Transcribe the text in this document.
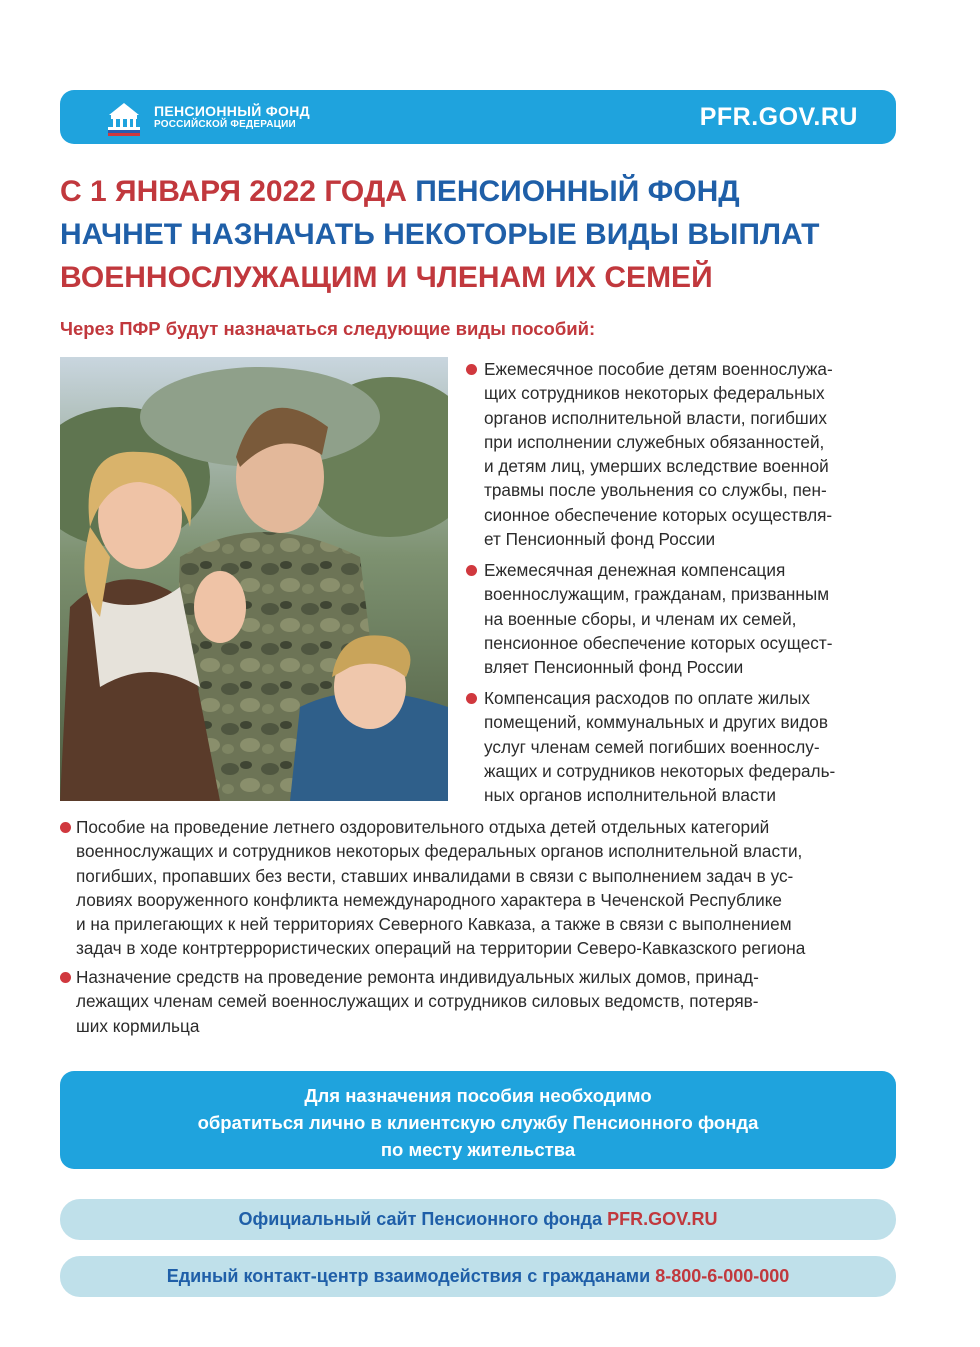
ПЕНСИОННЫЙ ФОНД
РОССИЙСКОЙ ФЕДЕРАЦИИ	PFR.GOV.RU
С 1 ЯНВАРЯ 2022 ГОДА ПЕНСИОННЫЙ ФОНД
НАЧНЕТ НАЗНАЧАТЬ НЕКОТОРЫЕ ВИДЫ ВЫПЛАТ
ВОЕННОСЛУЖАЩИМ И ЧЛЕНАМ ИХ СЕМЕЙ
Через ПФР будут назначаться следующие виды пособий:
Ежемесячное пособие детям военнослужа-
щих сотрудников некоторых федеральных
органов исполнительной власти, погибших
при исполнении служебных обязанностей,
и детям лиц, умерших вследствие военной
травмы после увольнения со службы, пен-
сионное обеспечение которых осуществля-
ет Пенсионный фонд России
Ежемесячная денежная компенсация
военнослужащим, гражданам, призванным
на военные сборы, и членам их семей,
пенсионное обеспечение которых осущест-
вляет Пенсионный фонд России
Компенсация расходов по оплате жилых
помещений, коммунальных и других видов
услуг членам семей погибших военнослу-
жащих и сотрудников некоторых федераль-
ных органов исполнительной власти
Пособие на проведение летнего оздоровительного отдыха детей отдельных категорий
военнослужащих и сотрудников некоторых федеральных органов исполнительной власти,
погибших, пропавших без вести, ставших инвалидами в связи с выполнением задач в ус-
ловиях вооруженного конфликта немеждународного характера в Чеченской Республике
и на прилегающих к ней территориях Северного Кавказа, а также в связи с выполнением
задач в ходе контртеррористических операций на территории Северо-Кавказского региона
Назначение средств на проведение ремонта индивидуальных жилых домов, принад-
лежащих членам семей военнослужащих и сотрудников силовых ведомств, потеряв-
ших кормильца
Для назначения пособия необходимо
обратиться лично в клиентскую службу Пенсионного фонда
по месту жительства
Официальный сайт Пенсионного фонда PFR.GOV.RU
Единый контакт-центр взаимодействия с гражданами 8-800-6-000-000
